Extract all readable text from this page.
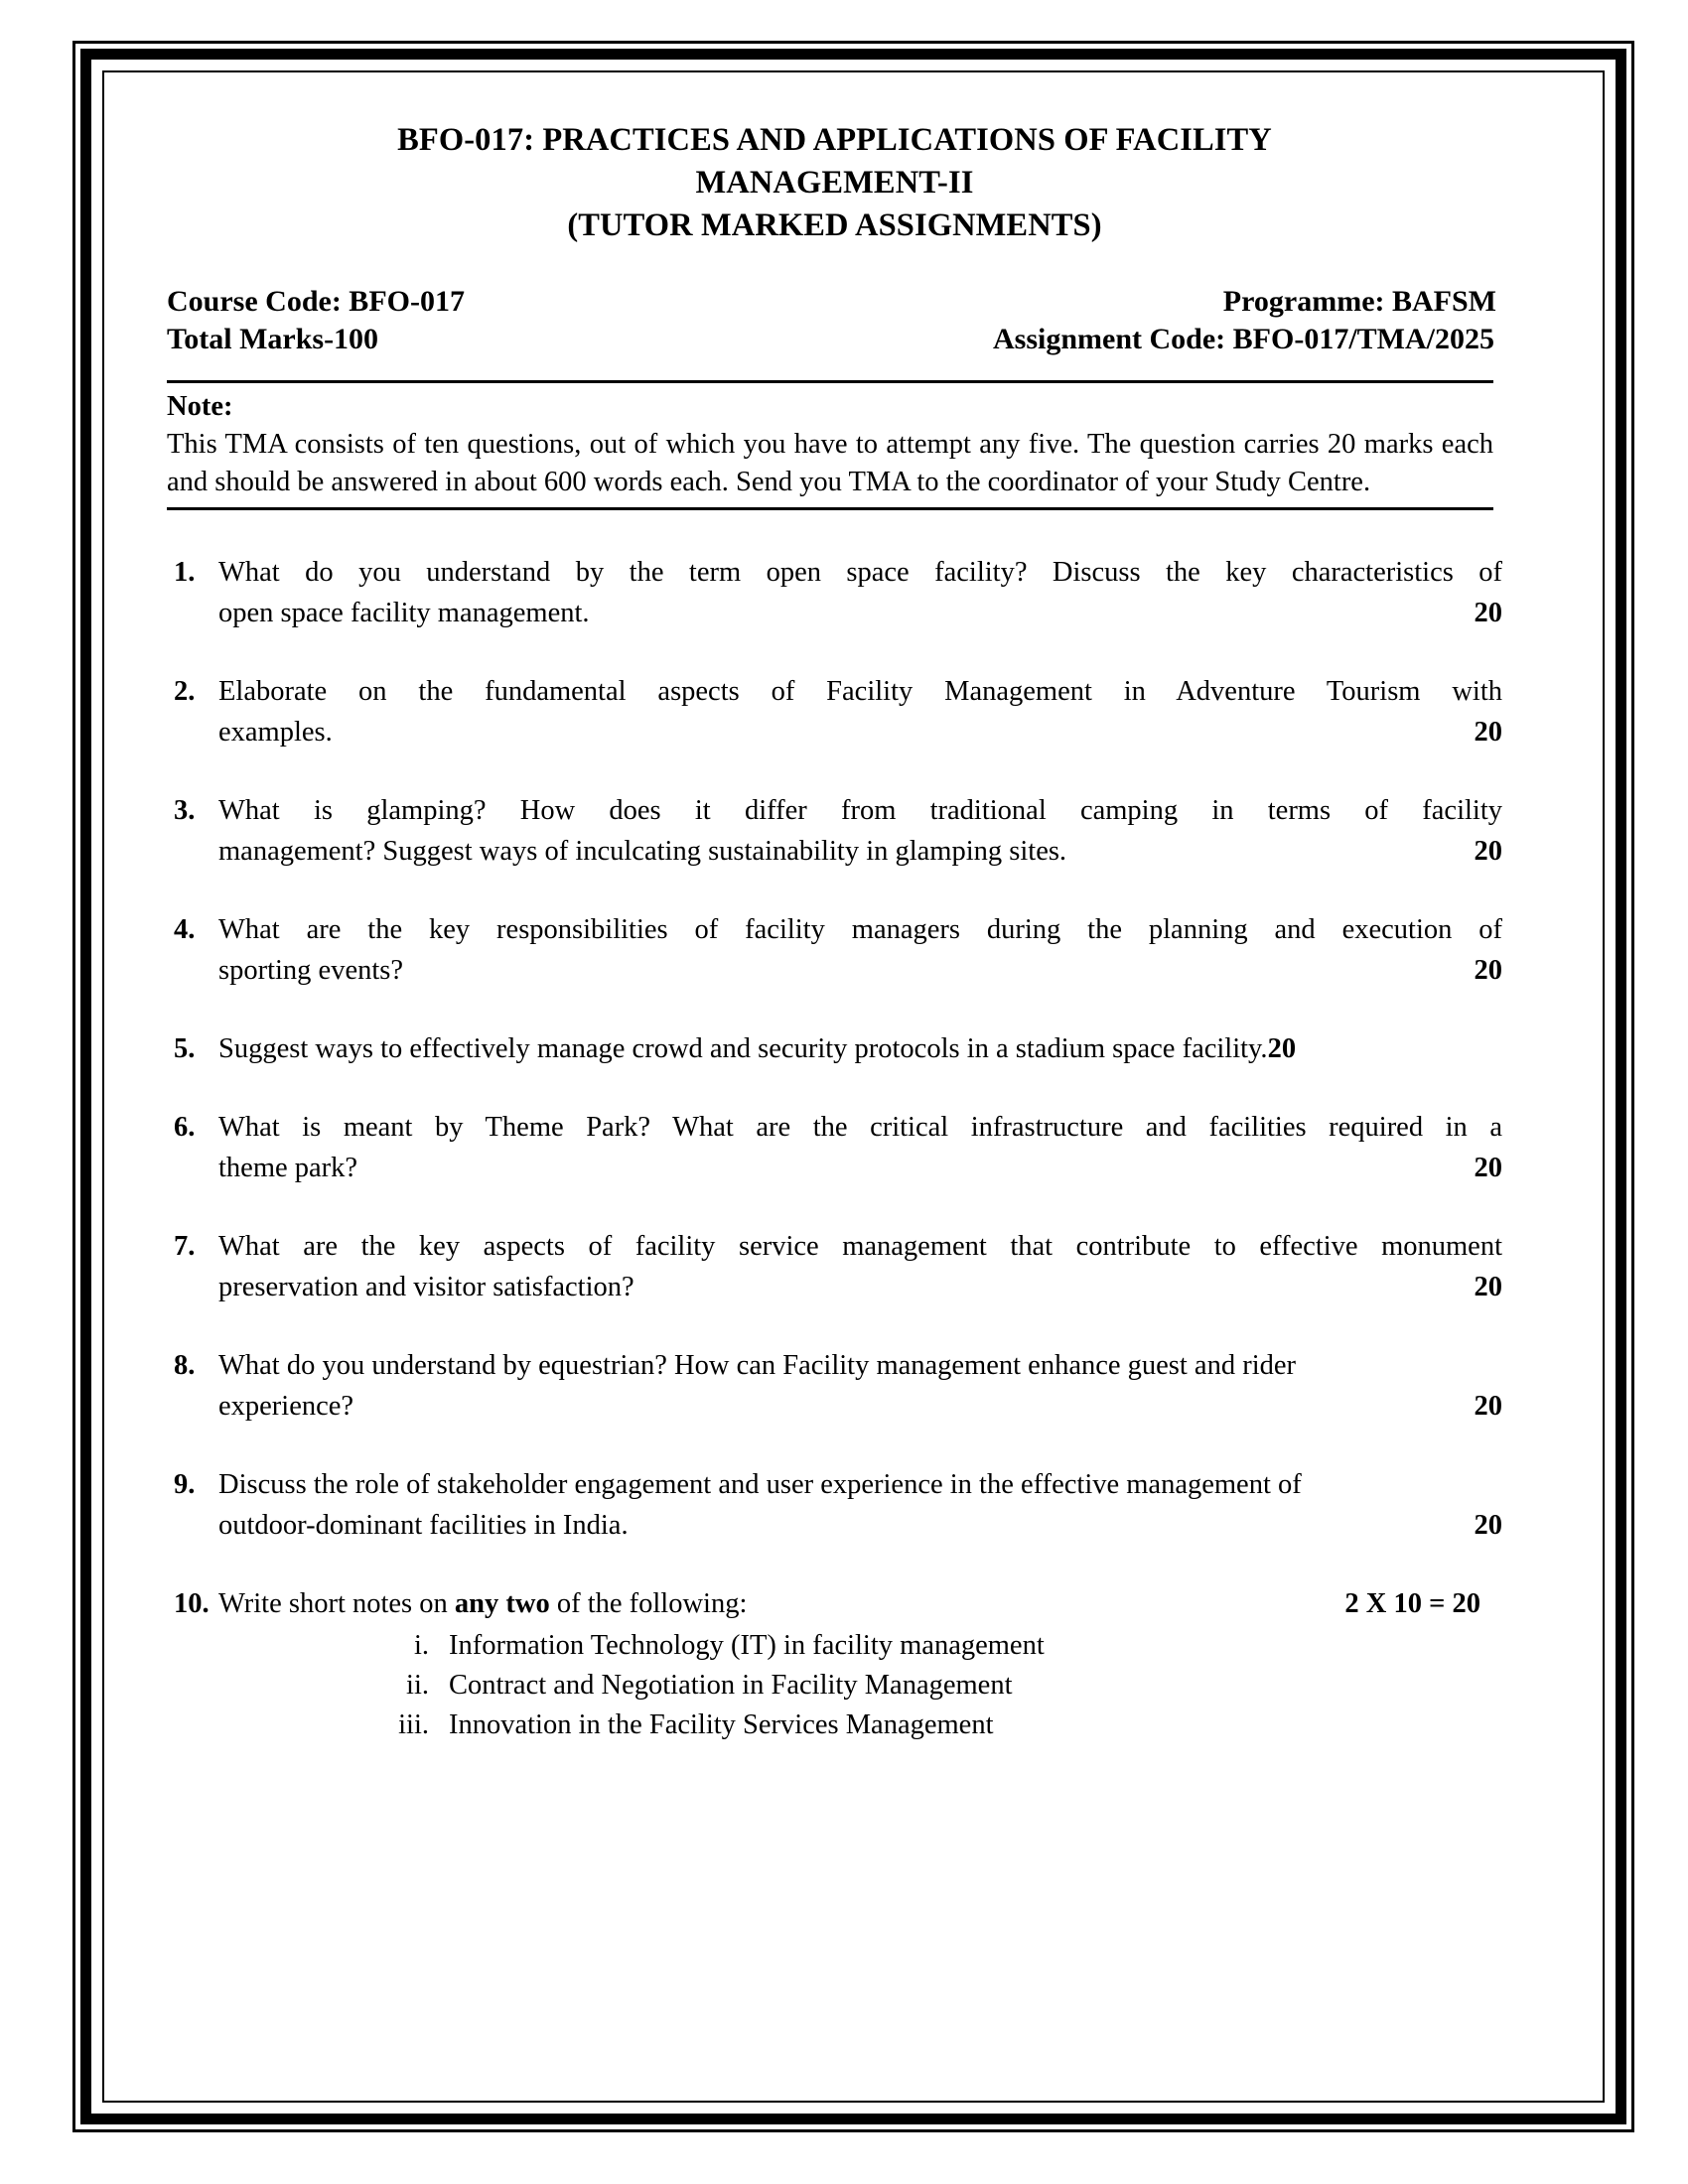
BFO-017: PRACTICES AND APPLICATIONS OF FACILITY
MANAGEMENT-II
(TUTOR MARKED ASSIGNMENTS)
Course Code: BFO-017	Programme: BAFSM
Total Marks-100	Assignment Code: BFO-017/TMA/2025
Note:

This TMA consists of ten questions, out of which you have to attempt any five. The question carries 20 marks each and should be answered in about 600 words each. Send you TMA to the coordinator of your Study Centre.

1. What do you understand by the term open space facility? Discuss the key characteristics of
open space facility management.	20
2. Elaborate on the fundamental aspects of Facility Management in Adventure Tourism with
examples.	20
3. What is glamping? How does it differ from traditional camping in terms of facility
management? Suggest ways of inculcating sustainability in glamping sites.	20
4. What are the key responsibilities of facility managers during the planning and execution of
sporting events?	20
5. Suggest ways to effectively manage crowd and security protocols in a stadium space facility.20
6. What is meant by Theme Park? What are the critical infrastructure and facilities required in a
theme park?	20
7. What are the key aspects of facility service management that contribute to effective monument
preservation and visitor satisfaction?	20
8. What do you understand by equestrian? How can Facility management enhance guest and rider
experience?	20
9. Discuss the role of stakeholder engagement and user experience in the effective management of
outdoor-dominant facilities in India.	20
10. Write short notes on any two of the following:	2 X 10 = 20
i. Information Technology (IT) in facility management
ii. Contract and Negotiation in Facility Management
iii. Innovation in the Facility Services Management
